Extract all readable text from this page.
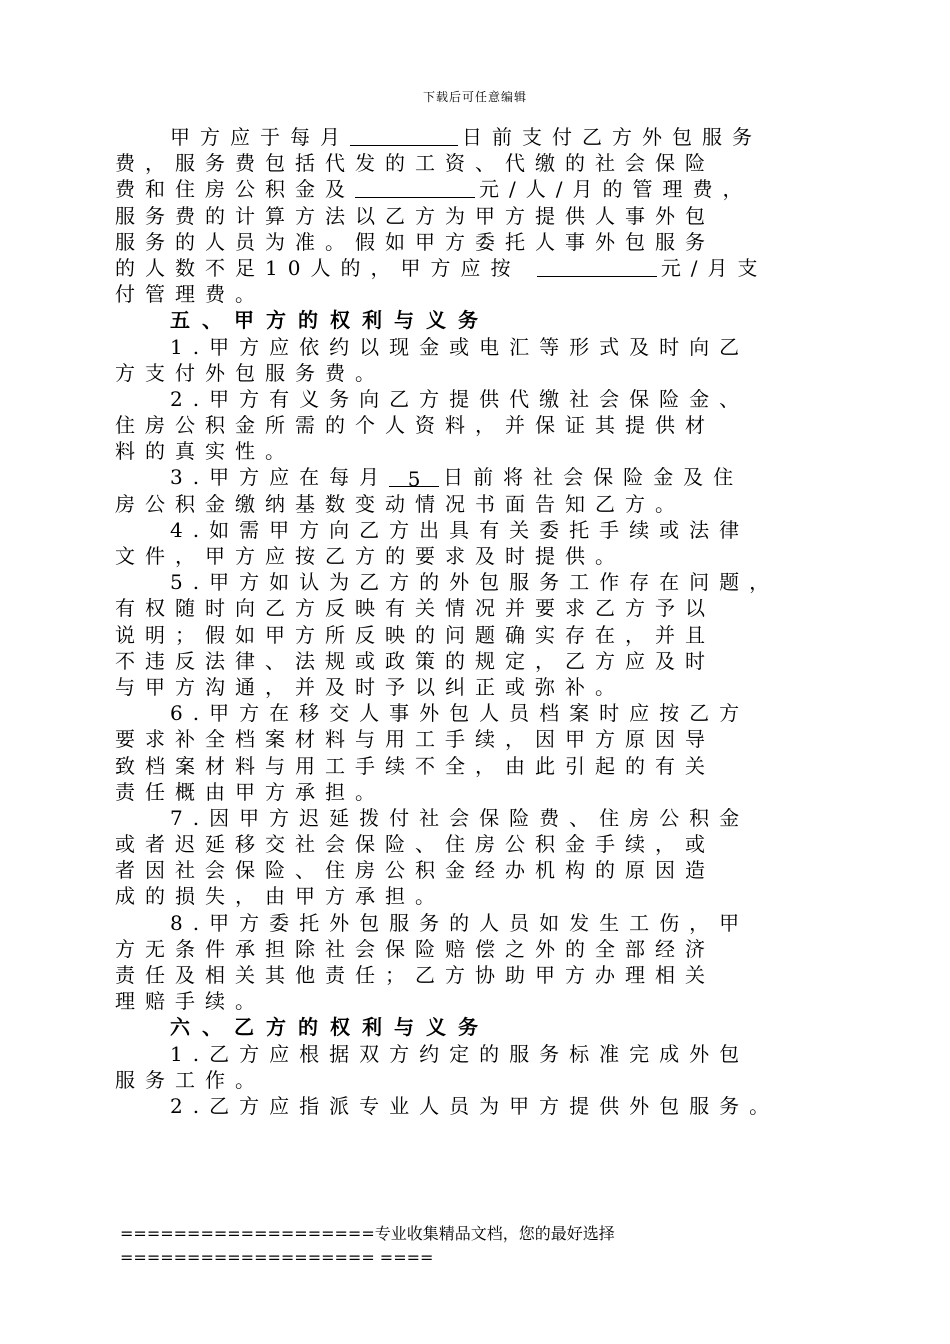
下载后可任意编辑
甲方应于每月	日前支付乙方外包服务
费，服务费包括代发的工资、代缴的社会保险
费和住房公积金及	元/人/月的管理费，
服务费的计算方法以乙方为甲方提供人事外包
服务的人员为准。假如甲方委托人事外包服务
的人数不足10人的，甲方应按	元/月支
付管理费。
五、甲方的权利与义务
1.甲方应依约以现金或电汇等形式及时向乙
方支付外包服务费。
2.甲方有义务向乙方提供代缴社会保险金、
住房公积金所需的个人资料，并保证其提供材
料的真实性。
3.甲方应在每月 5 日前将社会保险金及住
房公积金缴纳基数变动情况书面告知乙方。
4.如需甲方向乙方出具有关委托手续或法律
文件，甲方应按乙方的要求及时提供。
5.甲方如认为乙方的外包服务工作存在问题，
有权随时向乙方反映有关情况并要求乙方予以
说明；假如甲方所反映的问题确实存在，并且
不违反法律、法规或政策的规定，乙方应及时
与甲方沟通，并及时予以纠正或弥补。
6.甲方在移交人事外包人员档案时应按乙方
要求补全档案材料与用工手续，因甲方原因导
致档案材料与用工手续不全，由此引起的有关
责任概由甲方承担。
7.因甲方迟延拨付社会保险费、住房公积金
或者迟延移交社会保险、住房公积金手续，或
者因社会保险、住房公积金经办机构的原因造
成的损失，由甲方承担。
8.甲方委托外包服务的人员如发生工伤，甲
方无条件承担除社会保险赔偿之外的全部经济
责任及相关其他责任；乙方协助甲方办理相关
理赔手续。
六、乙方的权利与义务
1.乙方应根据双方约定的服务标准完成外包
服务工作。
2.乙方应指派专业人员为甲方提供外包服务。
===================专业收集精品文档，您的最好选择=================== ====
